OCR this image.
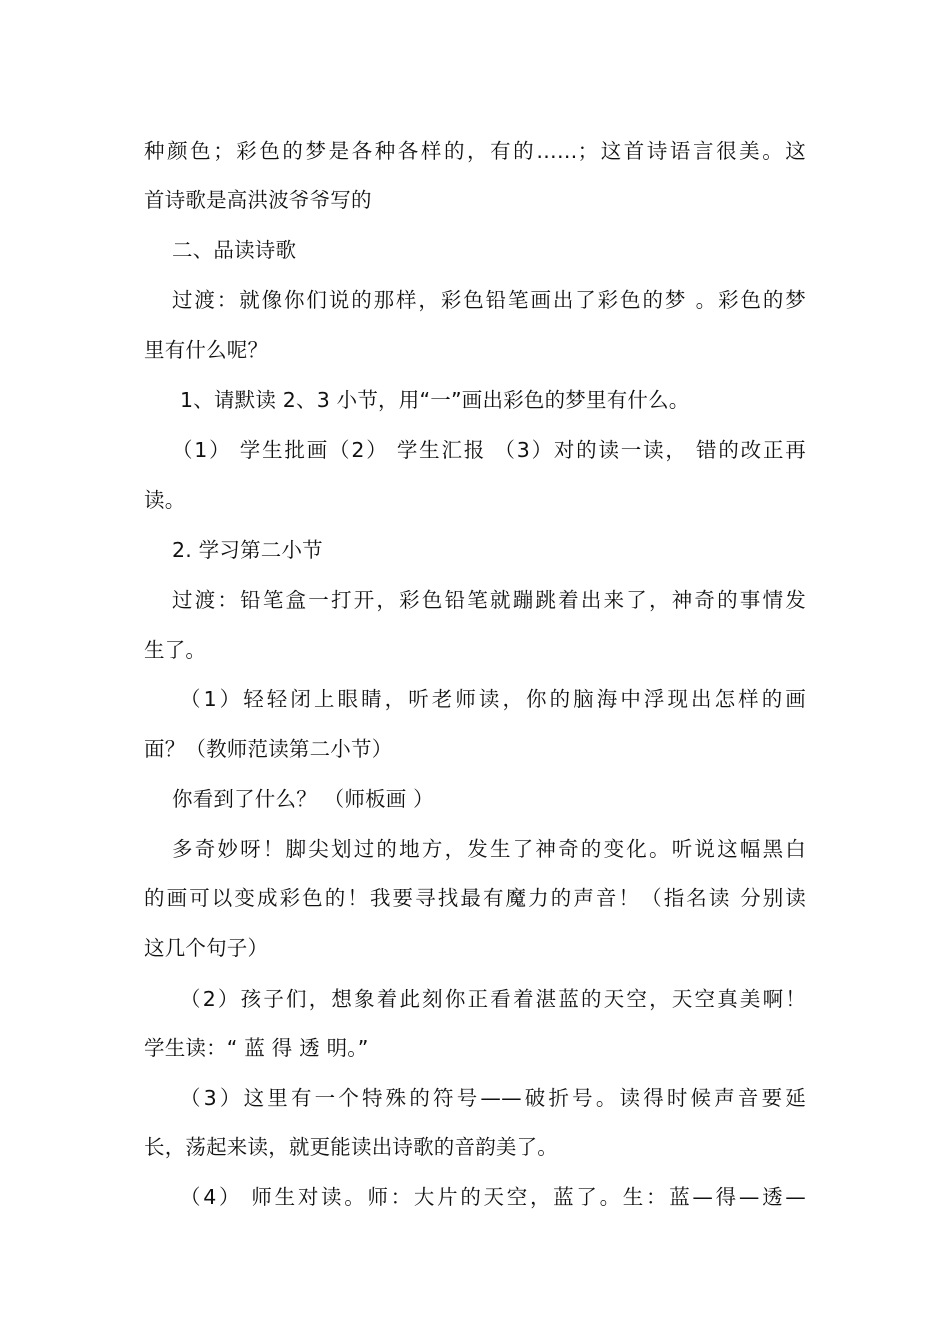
种颜色；彩色的梦是各种各样的，有的……；这首诗语言很美。这

首诗歌是高洪波爷爷写的

二、品读诗歌

过渡：就像你们说的那样，彩色铅笔画出了彩色的梦 。彩色的梦

里有什么呢？

1、请默读 2、3 小节，用“一”画出彩色的梦里有什么。

（1） 学生批画（2） 学生汇报 （3）对的读一读， 错的改正再

读。

2. 学习第二小节

过渡：铅笔盒一打开，彩色铅笔就蹦跳着出来了，神奇的事情发

生了。

（1）轻轻闭上眼睛，听老师读，你的脑海中浮现出怎样的画

面？（教师范读第二小节）

你看到了什么？ （师板画 ）

多奇妙呀！脚尖划过的地方，发生了神奇的变化。听说这幅黑白

的画可以变成彩色的！我要寻找最有魔力的声音！（指名读 分别读

这几个句子）

（2）孩子们，想象着此刻你正看着湛蓝的天空，天空真美啊！

学生读：“ 蓝 得 透 明。”

（3）这里有一个特殊的符号——破折号。读得时候声音要延

长，荡起来读，就更能读出诗歌的音韵美了。

（4） 师生对读。师：大片的天空，蓝了。生：蓝—得—透—
